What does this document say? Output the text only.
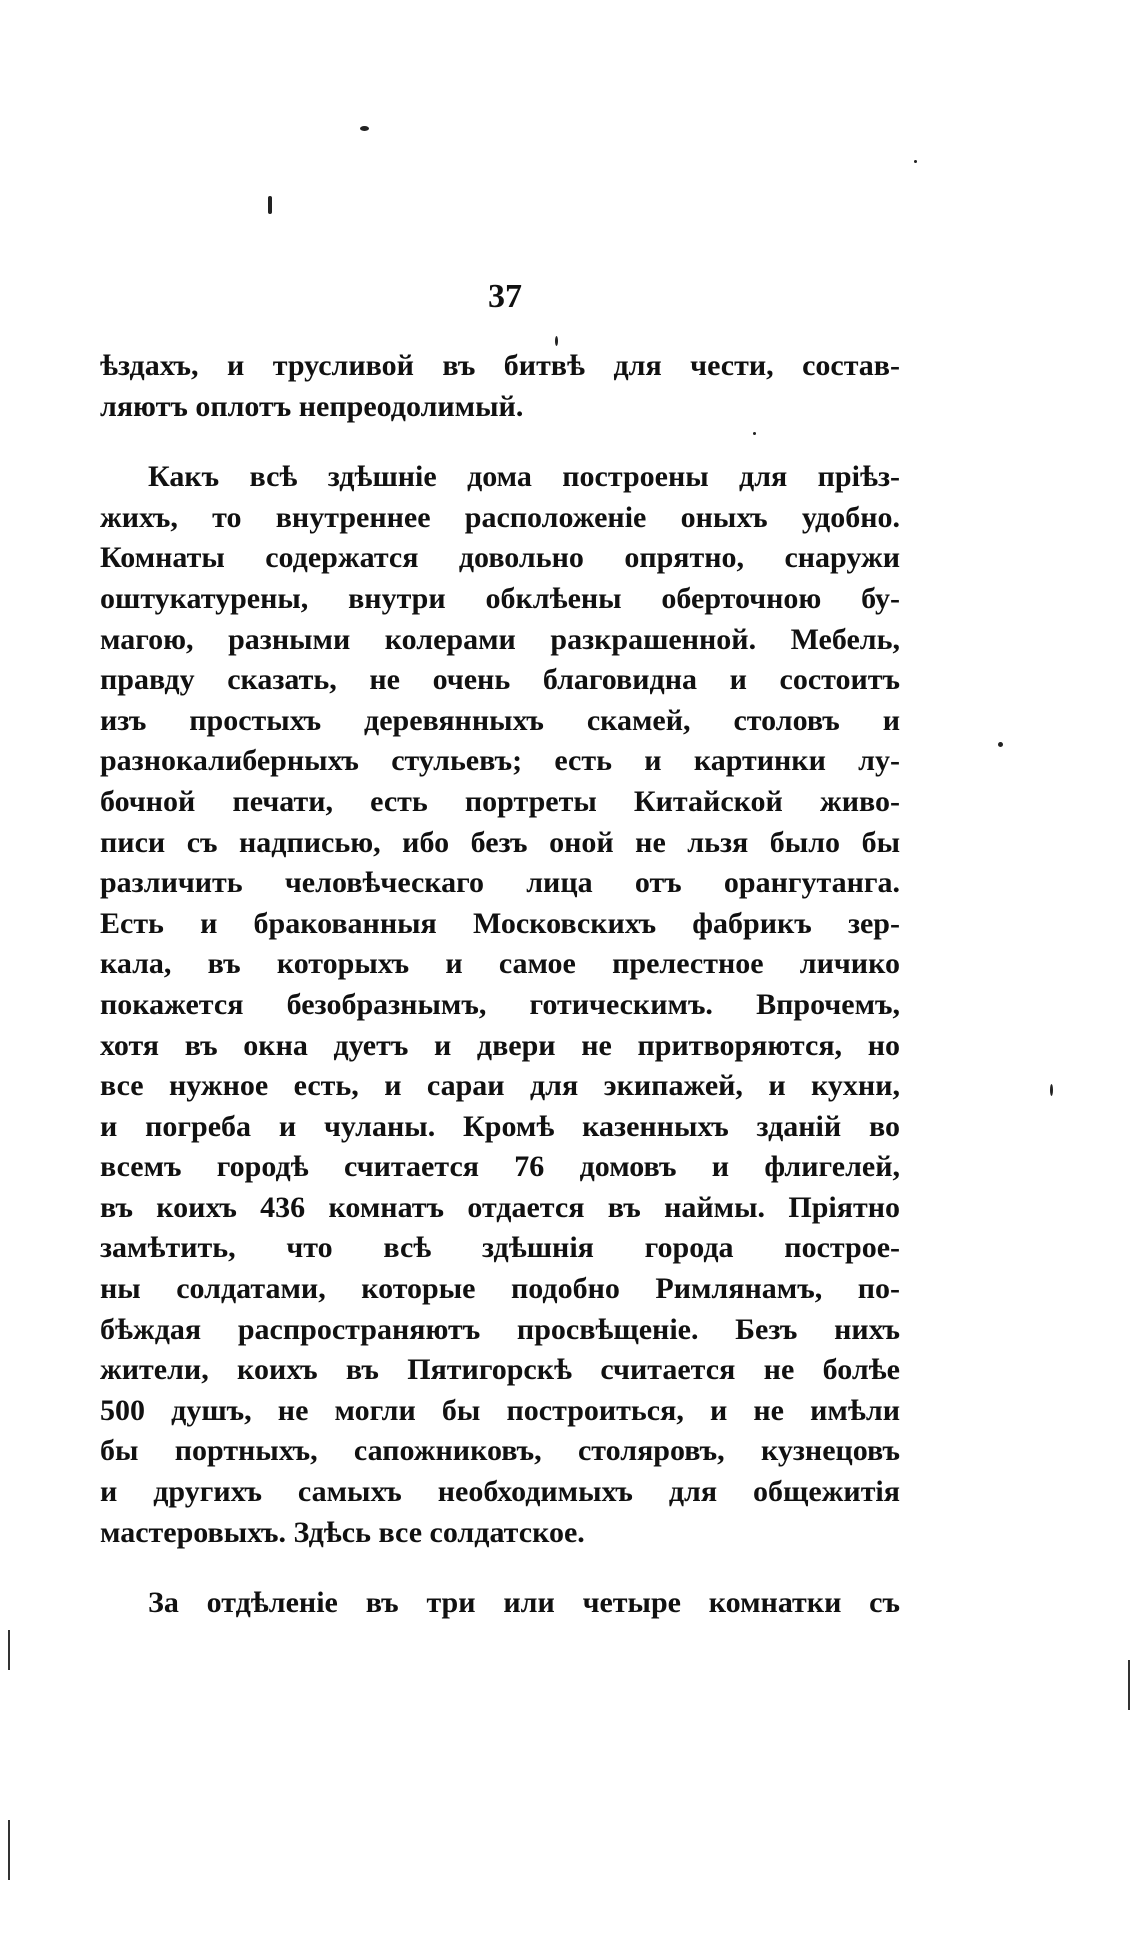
37
ѣздахъ, и трусливой въ битвѣ для чести, состав-
ляютъ оплотъ непреодолимый.
Какъ всѣ здѣшніе дома построены для пріѣз-
жихъ, то внутреннее расположеніе оныхъ удобно.
Комнаты содержатся довольно опрятно, снаружи
оштукатурены, внутри обклѣены оберточною бу-
магою, разными колерами разкрашенной. Мебель,
правду сказать, не очень благовидна и состоитъ
изъ простыхъ деревянныхъ скамей, столовъ и
разнокалиберныхъ стульевъ; есть и картинки лу-
бочной печати, есть портреты Китайской живо-
писи съ надписью, ибо безъ оной не льзя было бы
различить человѣческаго лица отъ орангутанга.
Есть и бракованныя Московскихъ фабрикъ зер-
кала, въ которыхъ и самое прелестное личико
покажется безобразнымъ, готическимъ. Впрочемъ,
хотя въ окна дуетъ и двери не притворяются, но
все нужное есть, и сараи для экипажей, и кухни,
и погреба и чуланы. Кромѣ казенныхъ зданій во
всемъ городѣ считается 76 домовъ и флигелей,
въ коихъ 436 комнатъ отдается въ наймы. Пріятно
замѣтить, что всѣ здѣшнія города построе-
ны солдатами, которые подобно Римлянамъ, по-
бѣждая распространяютъ просвѣщеніе. Безъ нихъ
жители, коихъ въ Пятигорскѣ считается не болѣе
500 душъ, не могли бы построиться, и не имѣли
бы портныхъ, сапожниковъ, столяровъ, кузнецовъ
и другихъ самыхъ необходимыхъ для общежитія
мастеровыхъ. Здѣсь все солдатское.
За отдѣленіе въ три или четыре комнатки съ
